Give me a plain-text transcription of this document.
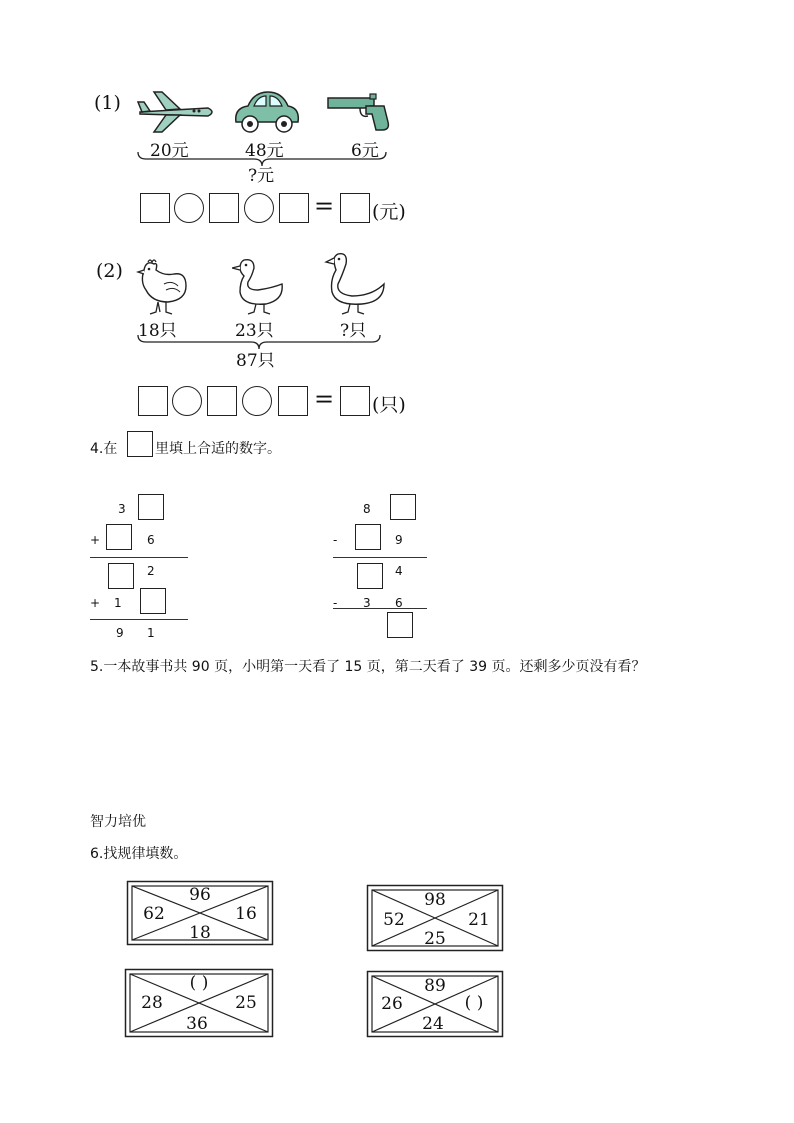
(1)
20元	48元	6元
?元
= (元)
(2)
18只	23只	?只
87只
= (只)
4.在	里填上合适的数字。
3
+	6
2
+ 1
9 1
8
-	9
4
- 3 6
5.一本故事书共 90 页，小明第一天看了 15 页，第二天看了 39 页。还剩多少页没有看？
智力培优
6.找规律填数。
96
62	16
18
98
52	21
25
( )
28	25
36
89
26	( )
24
